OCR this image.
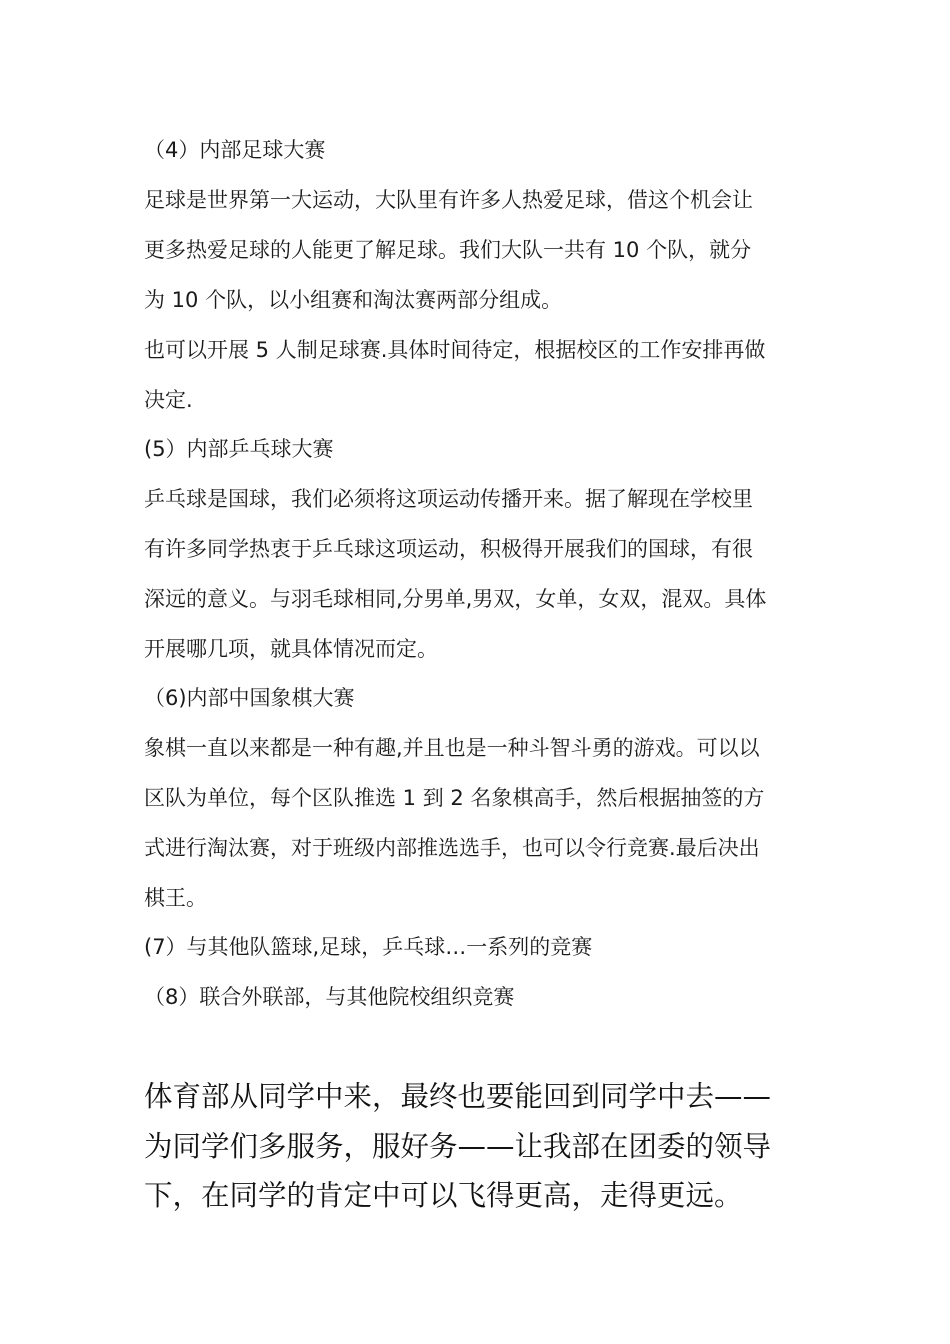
（4）内部足球大赛
足球是世界第一大运动，大队里有许多人热爱足球，借这个机会让
更多热爱足球的人能更了解足球。我们大队一共有 10 个队，就分
为 10 个队，以小组赛和淘汰赛两部分组成。
也可以开展 5 人制足球赛.具体时间待定，根据校区的工作安排再做
决定.
(5）内部乒乓球大赛
乒乓球是国球，我们必须将这项运动传播开来。据了解现在学校里
有许多同学热衷于乒乓球这项运动，积极得开展我们的国球，有很
深远的意义。与羽毛球相同,分男单,男双，女单，女双，混双。具体
开展哪几项，就具体情况而定。
（6)内部中国象棋大赛
象棋一直以来都是一种有趣,并且也是一种斗智斗勇的游戏。可以以
区队为单位，每个区队推选 1 到 2 名象棋高手，然后根据抽签的方
式进行淘汰赛，对于班级内部推选选手，也可以令行竞赛.最后决出
棋王。
(7）与其他队篮球,足球，乒乓球…一系列的竞赛
（8）联合外联部，与其他院校组织竞赛
体育部从同学中来，最终也要能回到同学中去——
为同学们多服务，服好务——让我部在团委的领导
下，在同学的肯定中可以飞得更高，走得更远。
